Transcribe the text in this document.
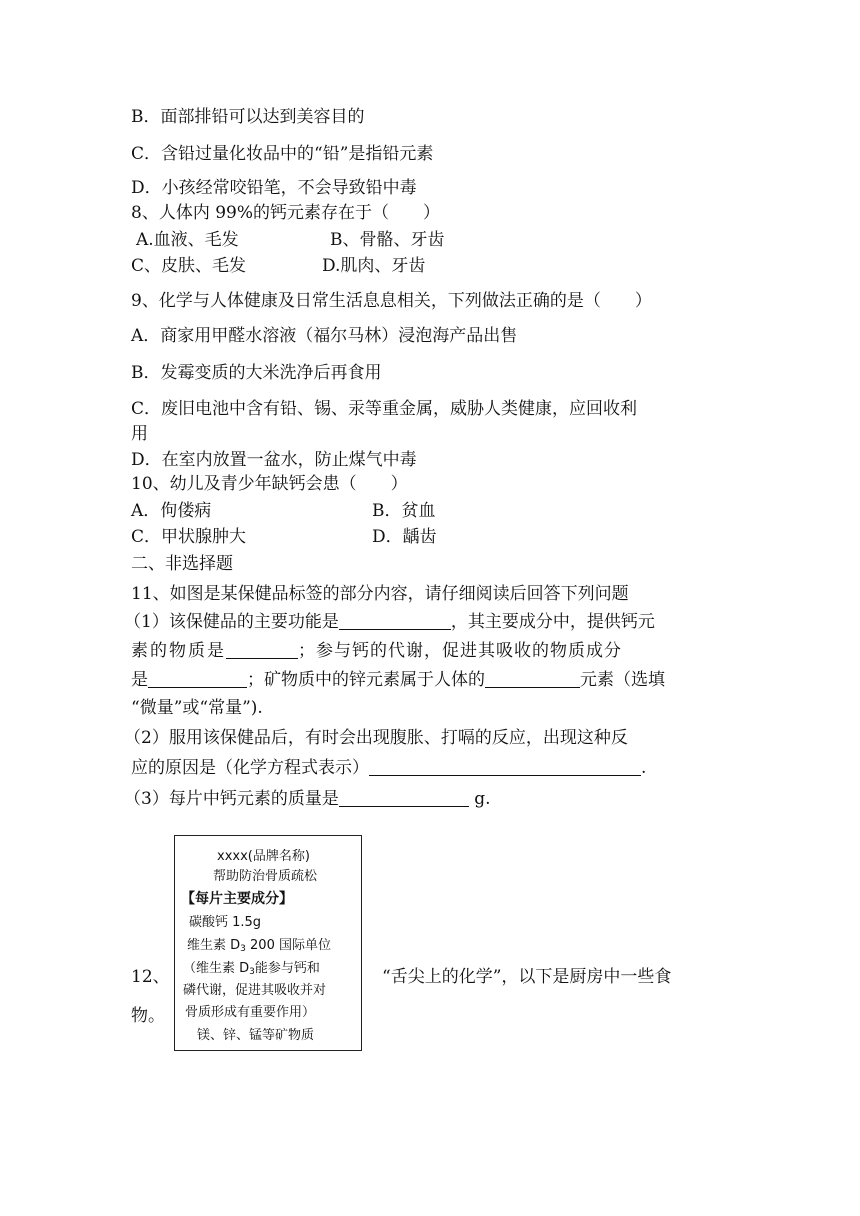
B．面部排铅可以达到美容目的
C．含铅过量化妆品中的“铅”是指铅元素
D．小孩经常咬铅笔，不会导致铅中毒
8、人体内 99%的钙元素存在于（　　）
A.血液、毛发	B、骨骼、牙齿
C、皮肤、毛发	D.肌肉、牙齿
9、化学与人体健康及日常生活息息相关，下列做法正确的是（　　）
A．商家用甲醛水溶液（福尔马林）浸泡海产品出售
B．发霉变质的大米洗净后再食用
C．废旧电池中含有铅、锡、汞等重金属，威胁人类健康，应回收利
用
D．在室内放置一盆水，防止煤气中毒
10、幼儿及青少年缺钙会患（　　）
A．佝偻病	B．贫血
C．甲状腺肿大	D．龋齿
二、非选择题
11、如图是某保健品标签的部分内容，请仔细阅读后回答下列问题
（1）该保健品的主要功能是	，其主要成分中，提供钙元
素的物质是	；参与钙的代谢，促进其吸收的物质成分
是	；矿物质中的锌元素属于人体的	元素（选填
“微量”或“常量”).
（2）服用该保健品后，有时会出现腹胀、打嗝的反应，出现这种反
应的原因是（化学方程式表示）	.
（3）每片中钙元素的质量是	g.
xxxx(品牌名称)
帮助防治骨质疏松
【每片主要成分】
碳酸钙 1.5g
维生素 $D_3$ 200 国际单位
（维生素 $D_3$能参与钙和
磷代谢，促进其吸收并对
骨质形成有重要作用）
镁、锌、锰等矿物质
12、	“舌尖上的化学”，以下是厨房中一些食
物。
